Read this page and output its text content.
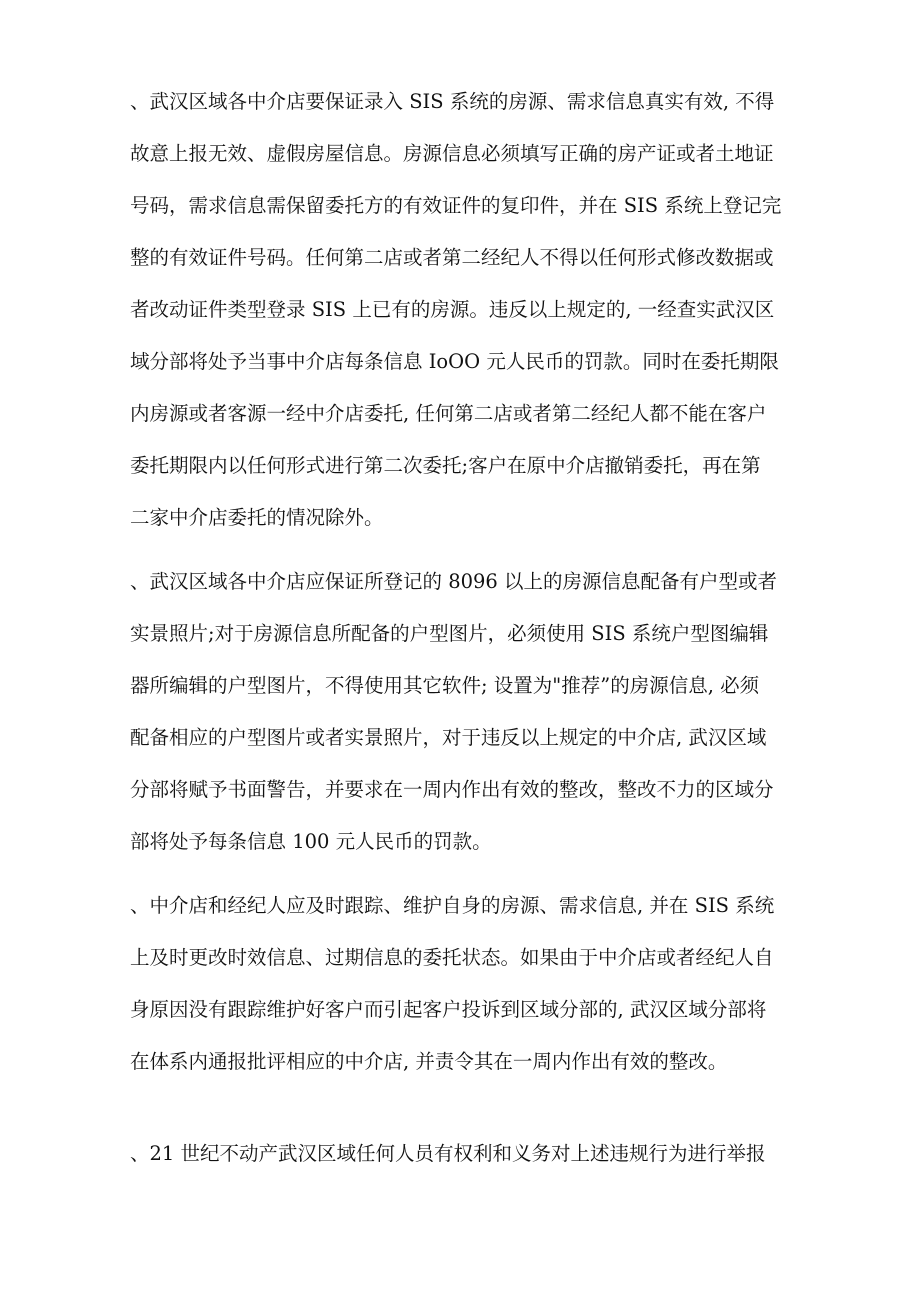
、武汉区域各中介店要保证录入 SIS 系统的房源、需求信息真实有效, 不得
故意上报无效、虚假房屋信息。房源信息必须填写正确的房产证或者土地证
号码，需求信息需保留委托方的有效证件的复印件，并在 SIS 系统上登记完
整的有效证件号码。任何第二店或者第二经纪人不得以任何形式修改数据或
者改动证件类型登录 SIS 上已有的房源。违反以上规定的, 一经查实武汉区
域分部将处予当事中介店每条信息 IoOO 元人民币的罚款。同时在委托期限
内房源或者客源一经中介店委托, 任何第二店或者第二经纪人都不能在客户
委托期限内以任何形式进行第二次委托;客户在原中介店撤销委托，再在第
二家中介店委托的情况除外。
、武汉区域各中介店应保证所登记的 8096 以上的房源信息配备有户型或者
实景照片;对于房源信息所配备的户型图片，必须使用 SIS 系统户型图编辑
器所编辑的户型图片，不得使用其它软件; 设置为"推荐”的房源信息, 必须
配备相应的户型图片或者实景照片，对于违反以上规定的中介店, 武汉区域
分部将赋予书面警告，并要求在一周内作出有效的整改，整改不力的区域分
部将处予每条信息 100 元人民币的罚款。
、中介店和经纪人应及时跟踪、维护自身的房源、需求信息, 并在 SIS 系统
上及时更改时效信息、过期信息的委托状态。如果由于中介店或者经纪人自
身原因没有跟踪维护好客户而引起客户投诉到区域分部的, 武汉区域分部将
在体系内通报批评相应的中介店, 并责令其在一周内作出有效的整改。
、21 世纪不动产武汉区域任何人员有权利和义务对上述违规行为进行举报
